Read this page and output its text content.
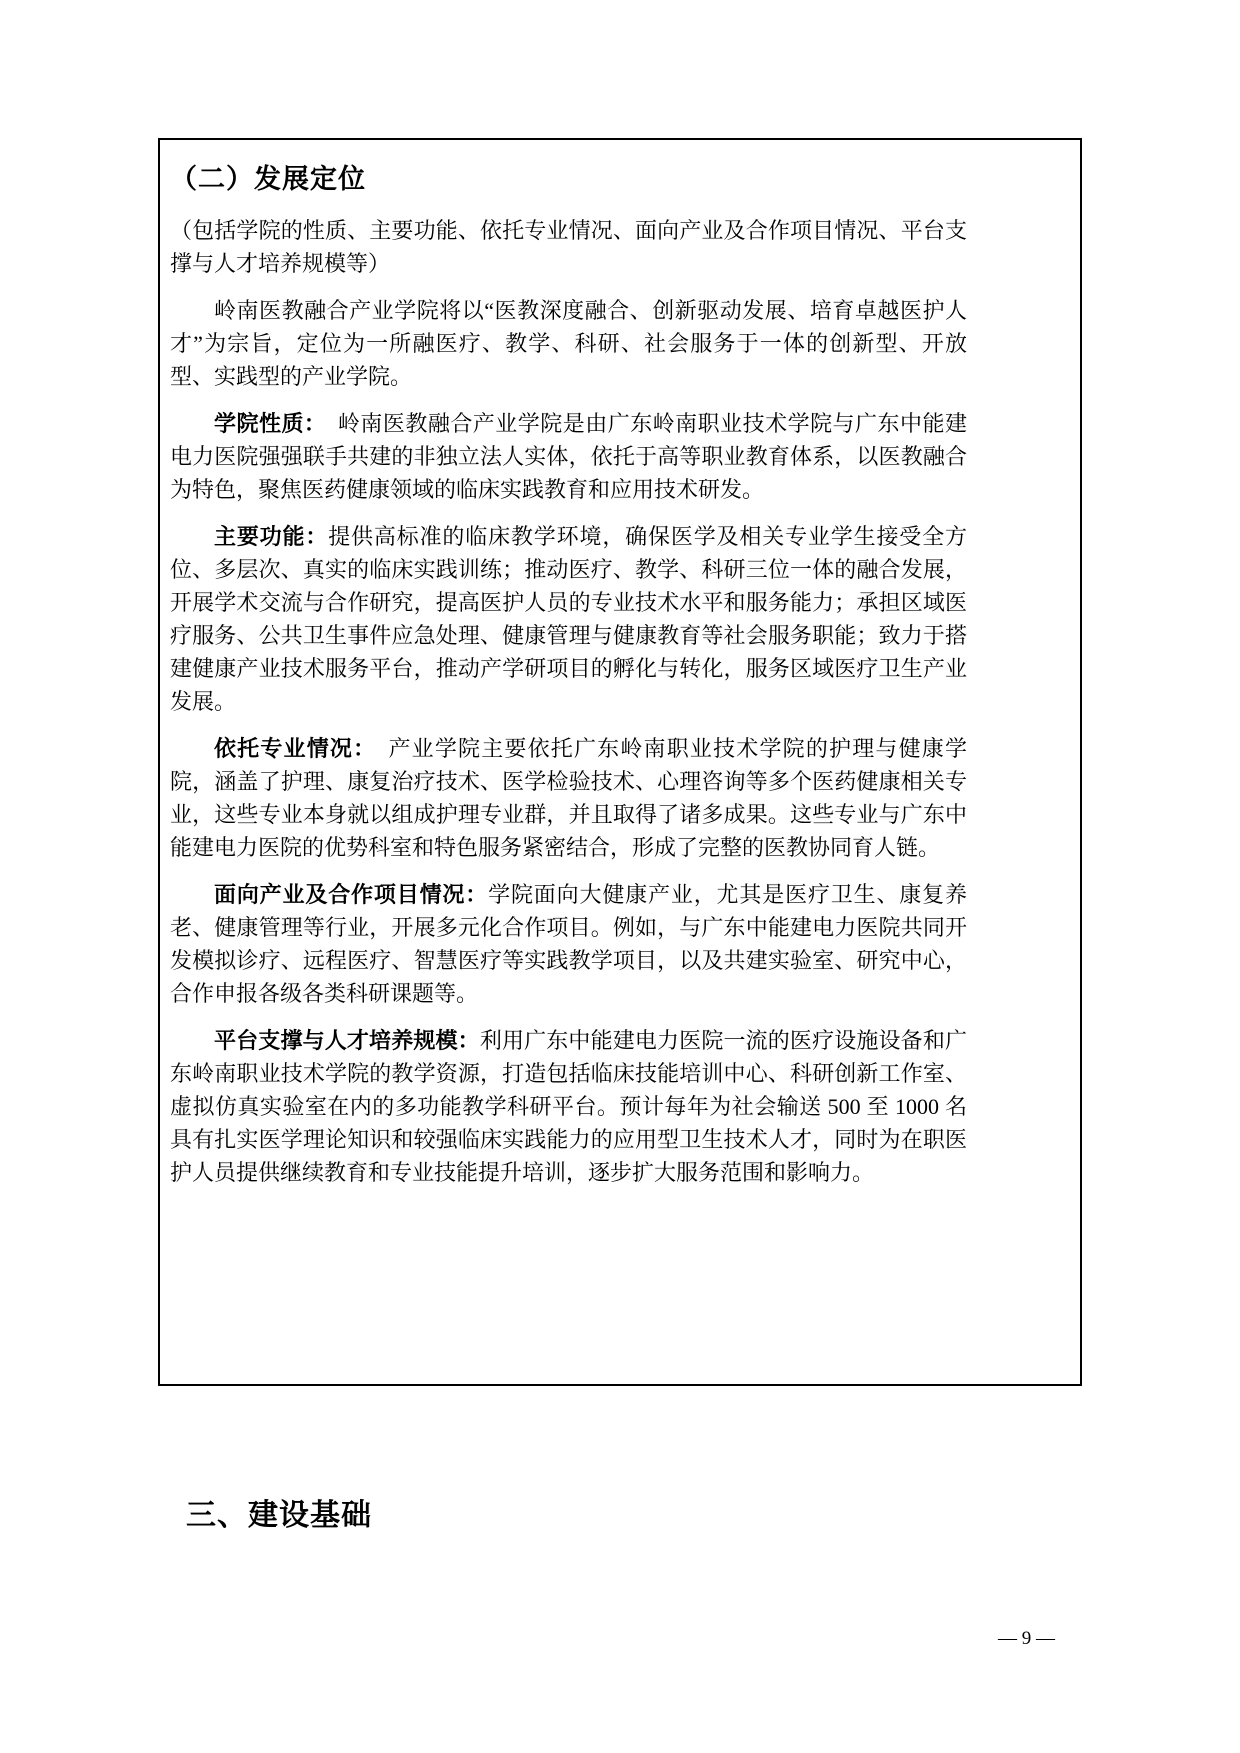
（二）发展定位

（包括学院的性质、主要功能、依托专业情况、面向产业及合作项目情况、平台支撑与人才培养规模等）

岭南医教融合产业学院将以“医教深度融合、创新驱动发展、培育卓越医护人才”为宗旨，定位为一所融医疗、教学、科研、社会服务于一体的创新型、开放型、实践型的产业学院。

学院性质：　岭南医教融合产业学院是由广东岭南职业技术学院与广东中能建电力医院强强联手共建的非独立法人实体，依托于高等职业教育体系，以医教融合为特色，聚焦医药健康领域的临床实践教育和应用技术研发。

主要功能：提供高标准的临床教学环境，确保医学及相关专业学生接受全方位、多层次、真实的临床实践训练；推动医疗、教学、科研三位一体的融合发展，开展学术交流与合作研究，提高医护人员的专业技术水平和服务能力；承担区域医疗服务、公共卫生事件应急处理、健康管理与健康教育等社会服务职能；致力于搭建健康产业技术服务平台，推动产学研项目的孵化与转化，服务区域医疗卫生产业发展。

依托专业情况：　产业学院主要依托广东岭南职业技术学院的护理与健康学院，涵盖了护理、康复治疗技术、医学检验技术、心理咨询等多个医药健康相关专业，这些专业本身就以组成护理专业群，并且取得了诸多成果。这些专业与广东中能建电力医院的优势科室和特色服务紧密结合，形成了完整的医教协同育人链。

面向产业及合作项目情况：学院面向大健康产业，尤其是医疗卫生、康复养老、健康管理等行业，开展多元化合作项目。例如，与广东中能建电力医院共同开发模拟诊疗、远程医疗、智慧医疗等实践教学项目，以及共建实验室、研究中心，合作申报各级各类科研课题等。

平台支撑与人才培养规模：利用广东中能建电力医院一流的医疗设施设备和广东岭南职业技术学院的教学资源，打造包括临床技能培训中心、科研创新工作室、虚拟仿真实验室在内的多功能教学科研平台。预计每年为社会输送 500 至 1000 名具有扎实医学理论知识和较强临床实践能力的应用型卫生技术人才，同时为在职医护人员提供继续教育和专业技能提升培训，逐步扩大服务范围和影响力。

三、建设基础
— 9 —
